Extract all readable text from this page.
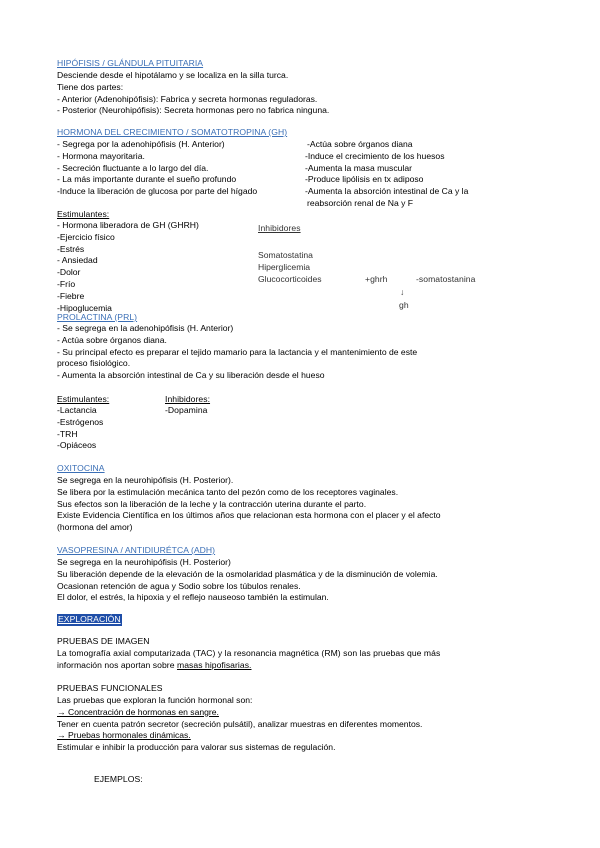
HIPÓFISIS / GLÁNDULA PITUITARIA
Desciende desde el hipotálamo y se localiza en la silla turca.
Tiene dos partes:
- Anterior (Adenohipófisis): Fabrica y secreta hormonas reguladoras.
- Posterior (Neurohipófisis): Secreta hormonas pero no fabrica ninguna.
HORMONA DEL CRECIMIENTO / SOMATOTROPINA (GH)
- Segrega por la adenohipófisis (H. Anterior)
- Hormona mayoritaria.
- Secreción fluctuante a lo largo del día.
- La más importante durante el sueño profundo
-Induce la liberación de glucosa por parte del hígado
-Actúa sobre órganos diana
-Induce el crecimiento de los huesos
-Aumenta la masa muscular
-Produce lipólisis en tx adiposo
-Aumenta la absorción intestinal de Ca y la
reabsorción renal de Na y F
Estimulantes:
- Hormona liberadora de GH (GHRH)
-Ejercicio físico
-Estrés
- Ansiedad
-Dolor
-Frío
-Fiebre
-Hipoglucemia
Inhibidores
Somatostatina
Hiperglicemia
Glucocorticoides	+ghrh	-somatostanina
↓
gh
PROLACTINA (PRL)
- Se segrega en la adenohipófisis (H. Anterior)
- Actúa sobre órganos diana.
- Su principal efecto es preparar el tejido mamario para la lactancia y el mantenimiento de este
proceso fisiológico.
- Aumenta la absorción intestinal de Ca y su liberación desde el hueso
Estimulantes:
-Lactancia
-Estrógenos
-TRH
-Opiáceos
Inhibidores:
-Dopamina
OXITOCINA
Se segrega en la neurohipófisis (H. Posterior).
Se libera por la estimulación mecánica tanto del pezón como de los receptores vaginales.
Sus efectos son la liberación de la leche y la contracción uterina durante el parto.
Existe Evidencia Científica en los últimos años que relacionan esta hormona con el placer y el afecto
(hormona del amor)
VASOPRESINA / ANTIDIURÉTCA (ADH)
Se segrega en la neurohipófisis (H. Posterior)
Su liberación depende de la elevación de la osmolaridad plasmática y de la disminución de volemia.
Ocasionan retención de agua y Sodio sobre los túbulos renales.
El dolor, el estrés, la hipoxia y el reflejo nauseoso también la estimulan.
EXPLORACIÓN
PRUEBAS DE IMAGEN
La tomografía axial computarizada (TAC) y la resonancia magnética (RM) son las pruebas que más
información nos aportan sobre masas hipofisarias.
PRUEBAS FUNCIONALES
Las pruebas que exploran la función hormonal son:
→ Concentración de hormonas en sangre.
Tener en cuenta patrón secretor (secreción pulsátil), analizar muestras en diferentes momentos.
→ Pruebas hormonales dinámicas.
Estimular e inhibir la producción para valorar sus sistemas de regulación.
EJEMPLOS:
